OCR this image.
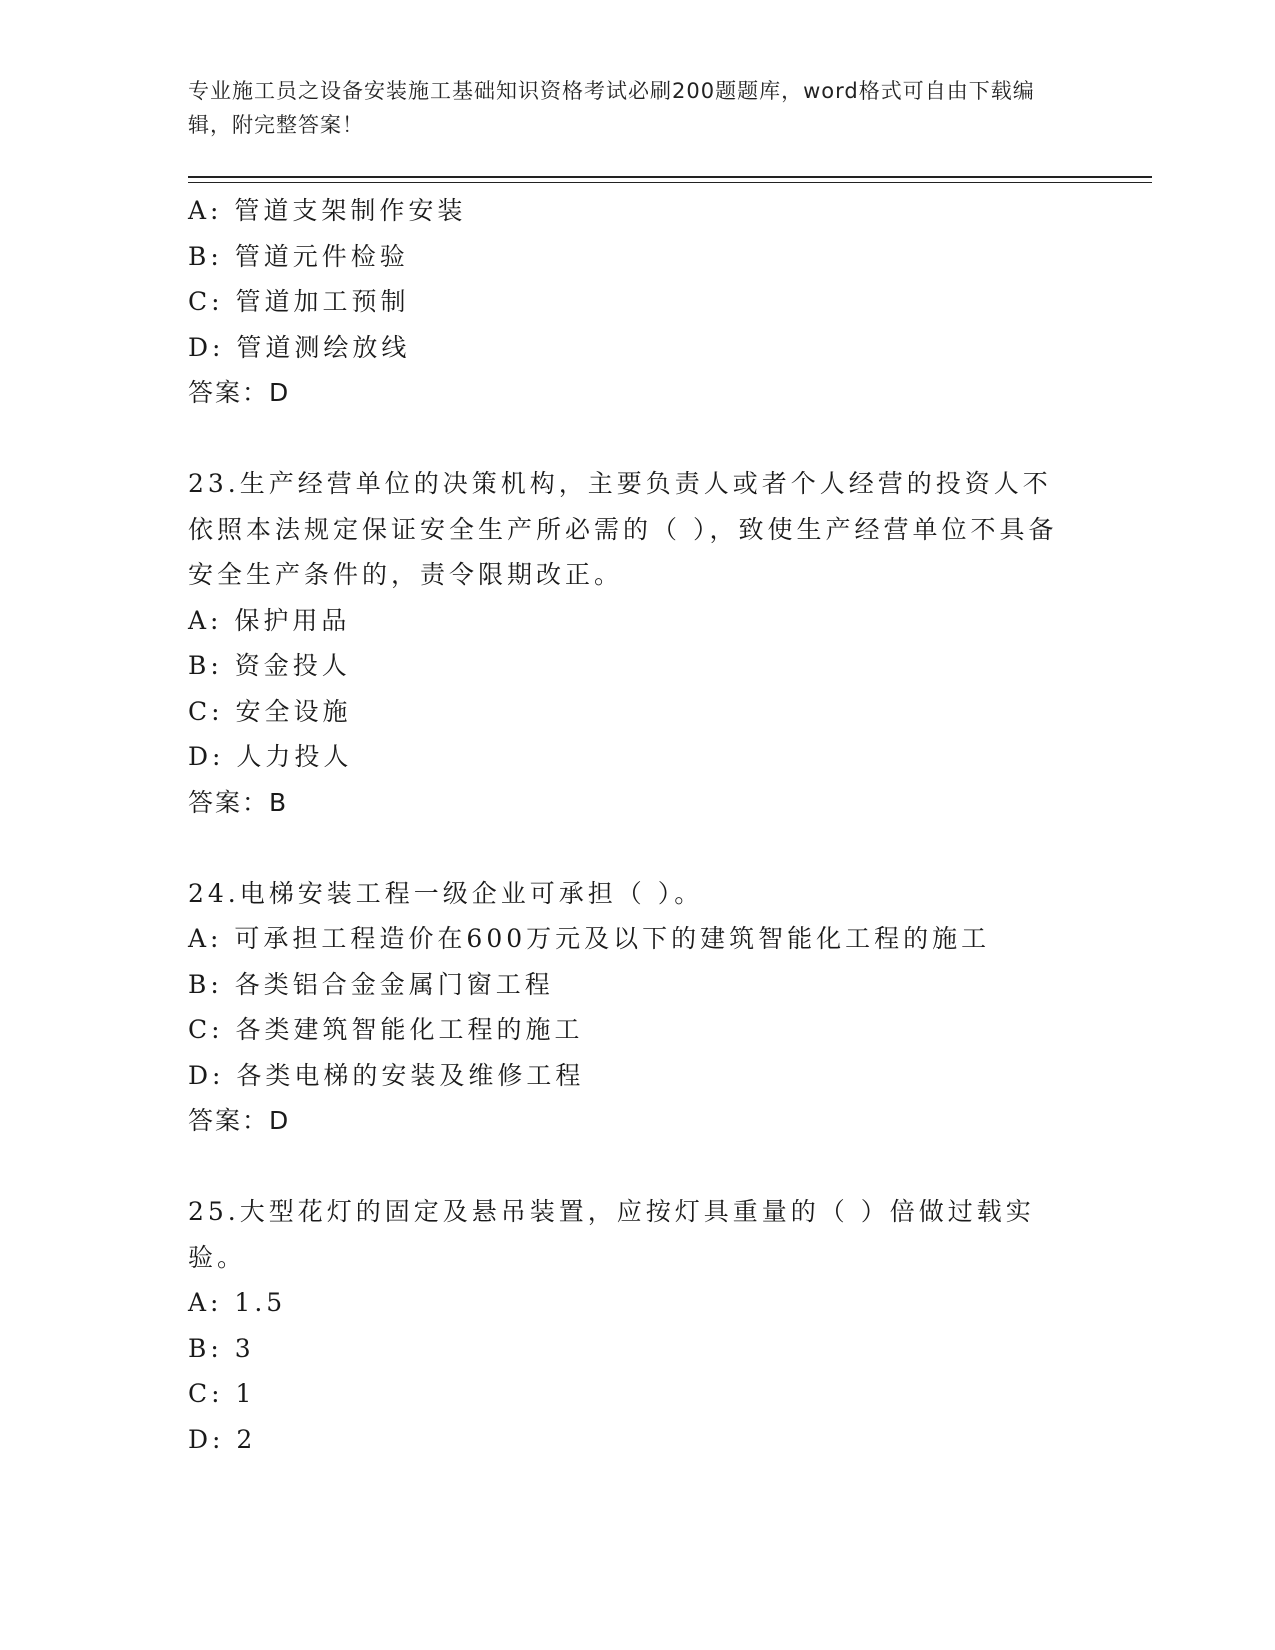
专业施工员之设备安装施工基础知识资格考试必刷200题题库，word格式可自由下载编辑，附完整答案！
A: 管道支架制作安装
B: 管道元件检验
C: 管道加工预制
D: 管道测绘放线
答案：D
23.生产经营单位的决策机构，主要负责人或者个人经营的投资人不依照本法规定保证安全生产所必需的（ ），致使生产经营单位不具备安全生产条件的，责令限期改正。
A: 保护用品
B: 资金投人
C: 安全设施
D: 人力投人
答案：B
24.电梯安装工程一级企业可承担（ ）。
A: 可承担工程造价在600万元及以下的建筑智能化工程的施工
B: 各类铝合金金属门窗工程
C: 各类建筑智能化工程的施工
D: 各类电梯的安装及维修工程
答案：D
25.大型花灯的固定及悬吊装置，应按灯具重量的（ ）倍做过载实验。
A: 1.5
B: 3
C: 1
D: 2
